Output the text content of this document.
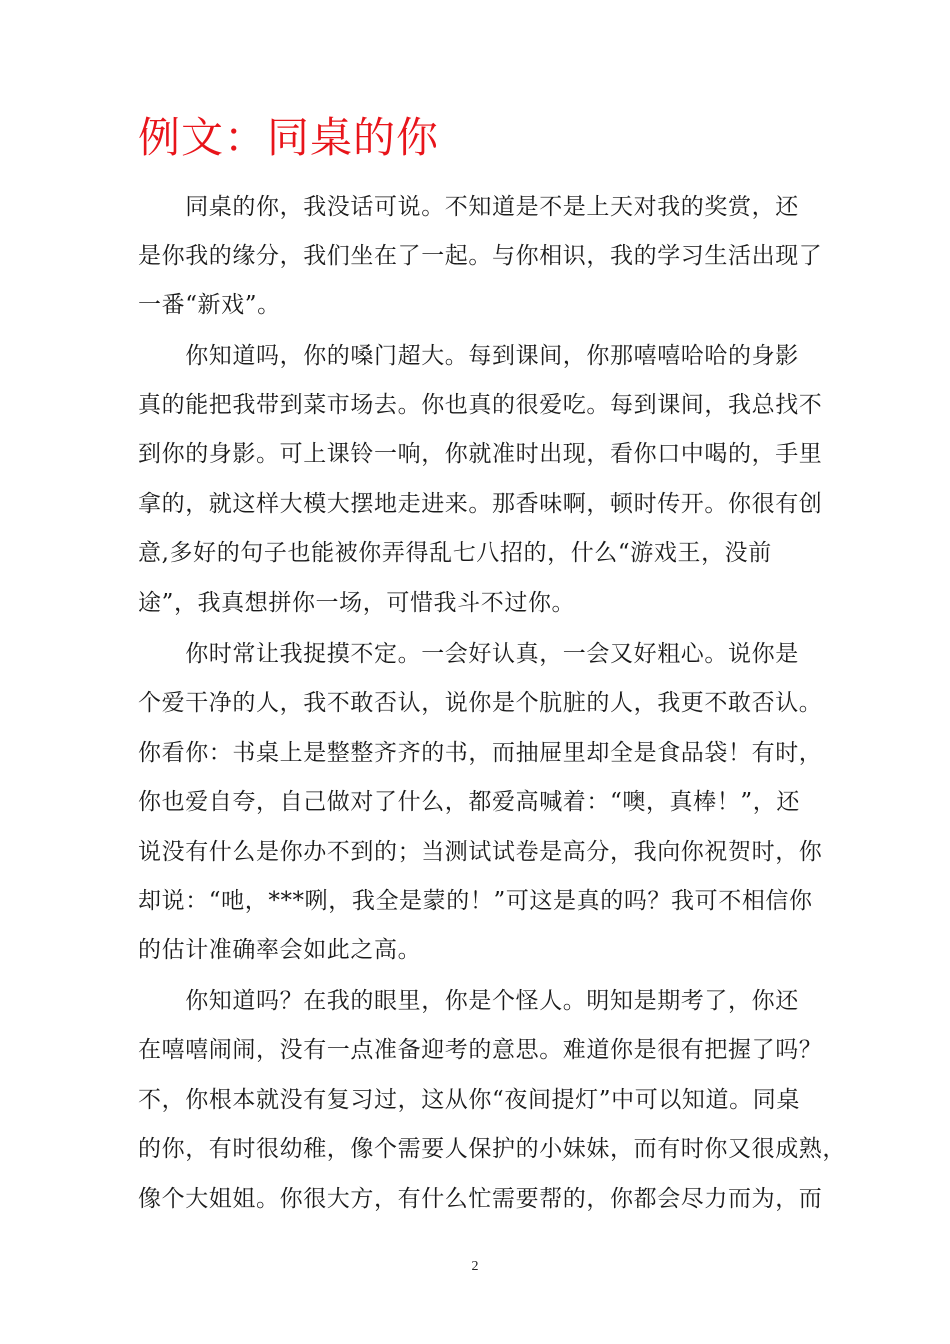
例文：同桌的你
　　同桌的你，我没话可说。不知道是不是上天对我的奖赏，还
是你我的缘分，我们坐在了一起。与你相识，我的学习生活出现了
一番“新戏”。
　　你知道吗，你的嗓门超大。每到课间，你那嘻嘻哈哈的身影
真的能把我带到菜市场去。你也真的很爱吃。每到课间，我总找不
到你的身影。可上课铃一响，你就准时出现，看你口中喝的，手里
拿的，就这样大模大摆地走进来。那香味啊，顿时传开。你很有创
意,多好的句子也能被你弄得乱七八招的，什么“游戏王，没前
途”，我真想拼你一场，可惜我斗不过你。
　　你时常让我捉摸不定。一会好认真，一会又好粗心。说你是
个爱干净的人，我不敢否认，说你是个肮脏的人，我更不敢否认。
你看你：书桌上是整整齐齐的书，而抽屉里却全是食品袋！有时，
你也爱自夸，自己做对了什么，都爱高喊着：“噢，真棒！”，还
说没有什么是你办不到的；当测试试卷是高分，我向你祝贺时，你
却说：“吔，***咧，我全是蒙的！”可这是真的吗？我可不相信你
的估计准确率会如此之高。
　　你知道吗？在我的眼里，你是个怪人。明知是期考了，你还
在嘻嘻闹闹，没有一点准备迎考的意思。难道你是很有把握了吗？
不，你根本就没有复习过，这从你“夜间提灯”中可以知道。同桌
的你，有时很幼稚，像个需要人保护的小妹妹，而有时你又很成熟，
像个大姐姐。你很大方，有什么忙需要帮的，你都会尽力而为，而
2
